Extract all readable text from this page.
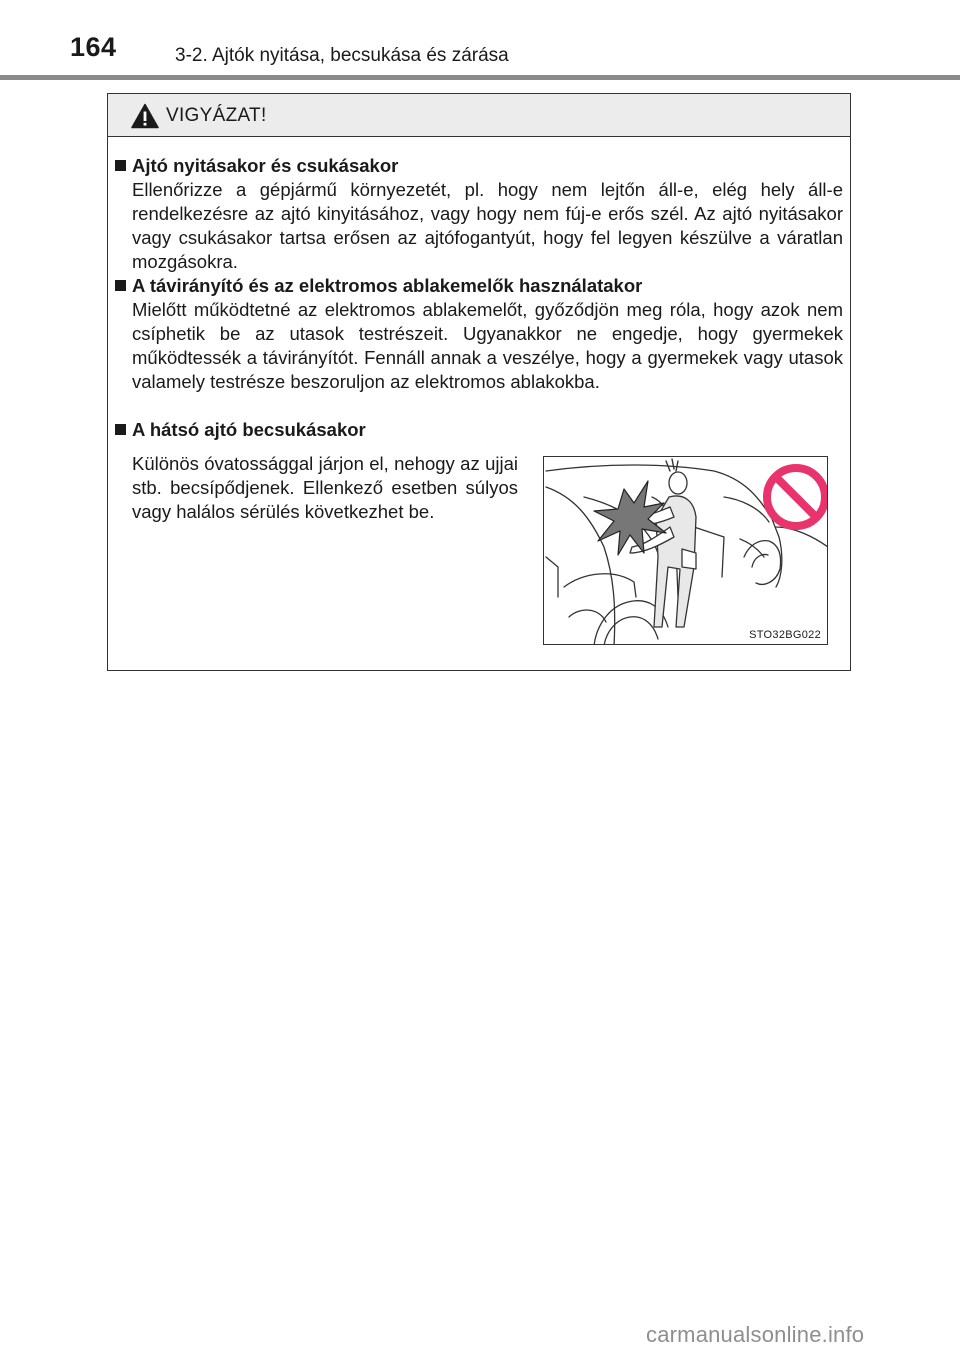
164	3-2. Ajtók nyitása, becsukása és zárása
VIGYÁZAT!
Ajtó nyitásakor és csukásakor
Ellenőrizze a gépjármű környezetét, pl. hogy nem lejtőn áll-e, elég hely áll-e rendelkezésre az ajtó kinyitásához, vagy hogy nem fúj-e erős szél. Az ajtó nyitásakor vagy csukásakor tartsa erősen az ajtófogantyút, hogy fel legyen készülve a váratlan mozgásokra.
A távirányító és az elektromos ablakemelők használatakor
Mielőtt működtetné az elektromos ablakemelőt, győződjön meg róla, hogy azok nem csíphetik be az utasok testrészeit. Ugyanakkor ne engedje, hogy gyermekek működtessék a távirányítót. Fennáll annak a veszélye, hogy a gyermekek vagy utasok valamely testrésze beszoruljon az elektromos ablakokba.
A hátsó ajtó becsukásakor
Különös óvatossággal járjon el, nehogy az ujjai stb. becsípődjenek. Ellenkező esetben súlyos vagy halálos sérülés következhet be.
STO32BG022
carmanualsonline.info
